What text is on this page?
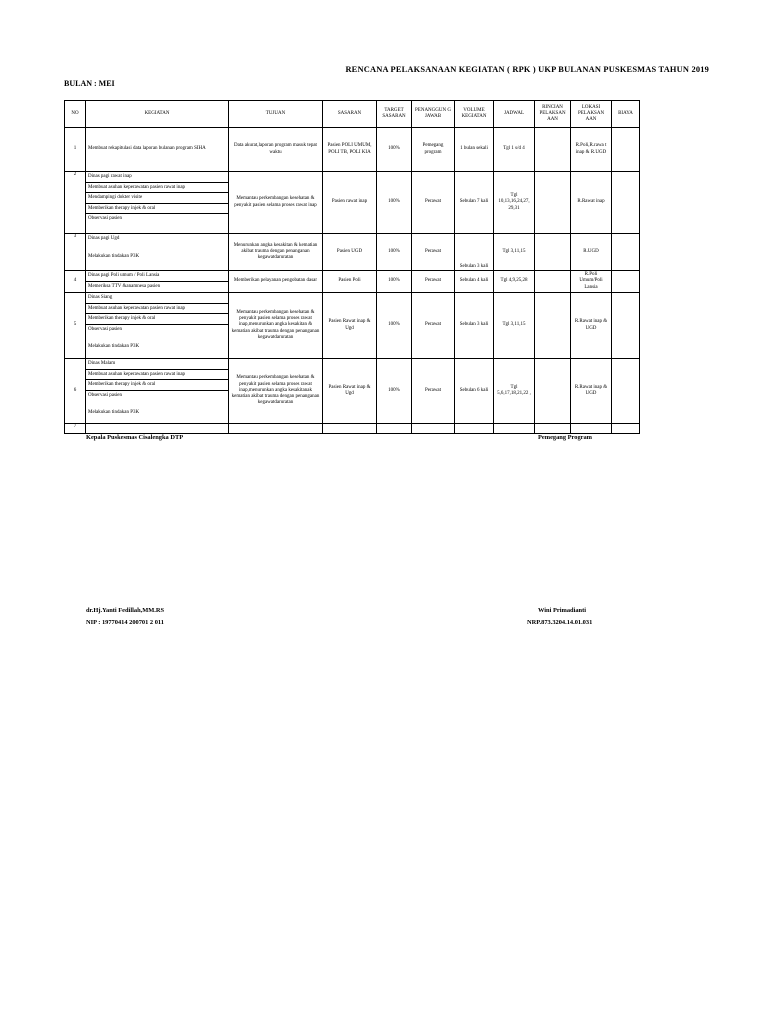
RENCANA PELAKSANAAN KEGIATAN ( RPK ) UKP BULANAN PUSKESMAS TAHUN 2019
BULAN : MEI
NO	KEGIATAN	TUJUAN	SASARAN	TARGET SASARAN	PENANGGUN G JAWAB	VOLUME KEGIATAN	JADWAL	RINCIAN PELAKSAN AAN	LOKASI PELAKSAN AAN	BIAYA
1	Membuat rekapitulasi data laporan bulanan program SIHA	Data akurat,laporan program masuk tepat waktu	Pasien POLI UMUM, POLI TB, POLI KIA	100%	Pemegang program	1 bulan sekali	Tgl 1 s/d 4		R.Poli,R.rawa t inap & R.UGD	
2	Dinas pagi rawat inap
Membuat asuhan keperawatan pasien rawat inap
Mendampingi dokter visite
Memberikan therapy injek & oral
Observasi pasien	Memantau perkembangan kesehatan & penyakit pasien selama proses rawat inap	Pasien rawat inap	100%	Perawat	Sebulan 7 kali	Tgl 10,13,16,24,27, 29,31		R.Rawat inap	
3	Dinas pagi Ugd
Melakukan tindakan P3K	Menurunkan angka kesakitan & kematian akibat trauma dengan penanganan kegawatdaruratan	Pasien UGD	100%	Perawat	Sebulan 3 kali	Tgl 3,11,15		R.UGD	
4	Dinas pagi Poli umum / Poli Lansia
Memeriksa TTV &anamnesa pasien	Memberikan pelayanan pengobatan dasar	Pasien Poli	100%	Perawat	Sebulan 4 kali	Tgl 4,9,25,28		R.Poli Umum/Poli Lansia	
5	Dinas Siang
Membuat asuhan keperawatan pasien rawat inap
Memberikan therapy injek & oral
Observasi pasien
Melakukan tindakan P3K	Memantau perkembangan kesehatan & penyakit pasien selama proses rawat inap,menurunkan angka kesakitan & kematian akibat trauma dengan penanganan kegawatdaruratan	Pasien Rawat inap & Ugd	100%	Perawat	Sebulan 3 kali	Tgl 3,11,15		R.Rawat inap & UGD	
6	Dinas Malam
Membuat asuhan keperawatan pasien rawat inap
Memberikan therapy injek & oral
Observasi pasien
Melakukan tindakan P3K	Memantau perkembangan kesehatan & penyakit pasien selama proses rawat inap,menurunkan angka kesakitanak kematian akibat trauma dengan penanganan kegawatdaruratan	Pasien Rawat inap & Ugd	100%	Perawat	Sebulan 6 kali	Tgl 5,6,17,18,21,22 ,		R.Rawat inap & UGD	
7										
Kepala Puskesmas Cisalengka DTP	Pemegang Program
dr.Hj.Yanti Fedillah,MM.RS
NIP : 19770414 200701 2 011
Wini Primadianti
NRP.873.3204.14.01.031
